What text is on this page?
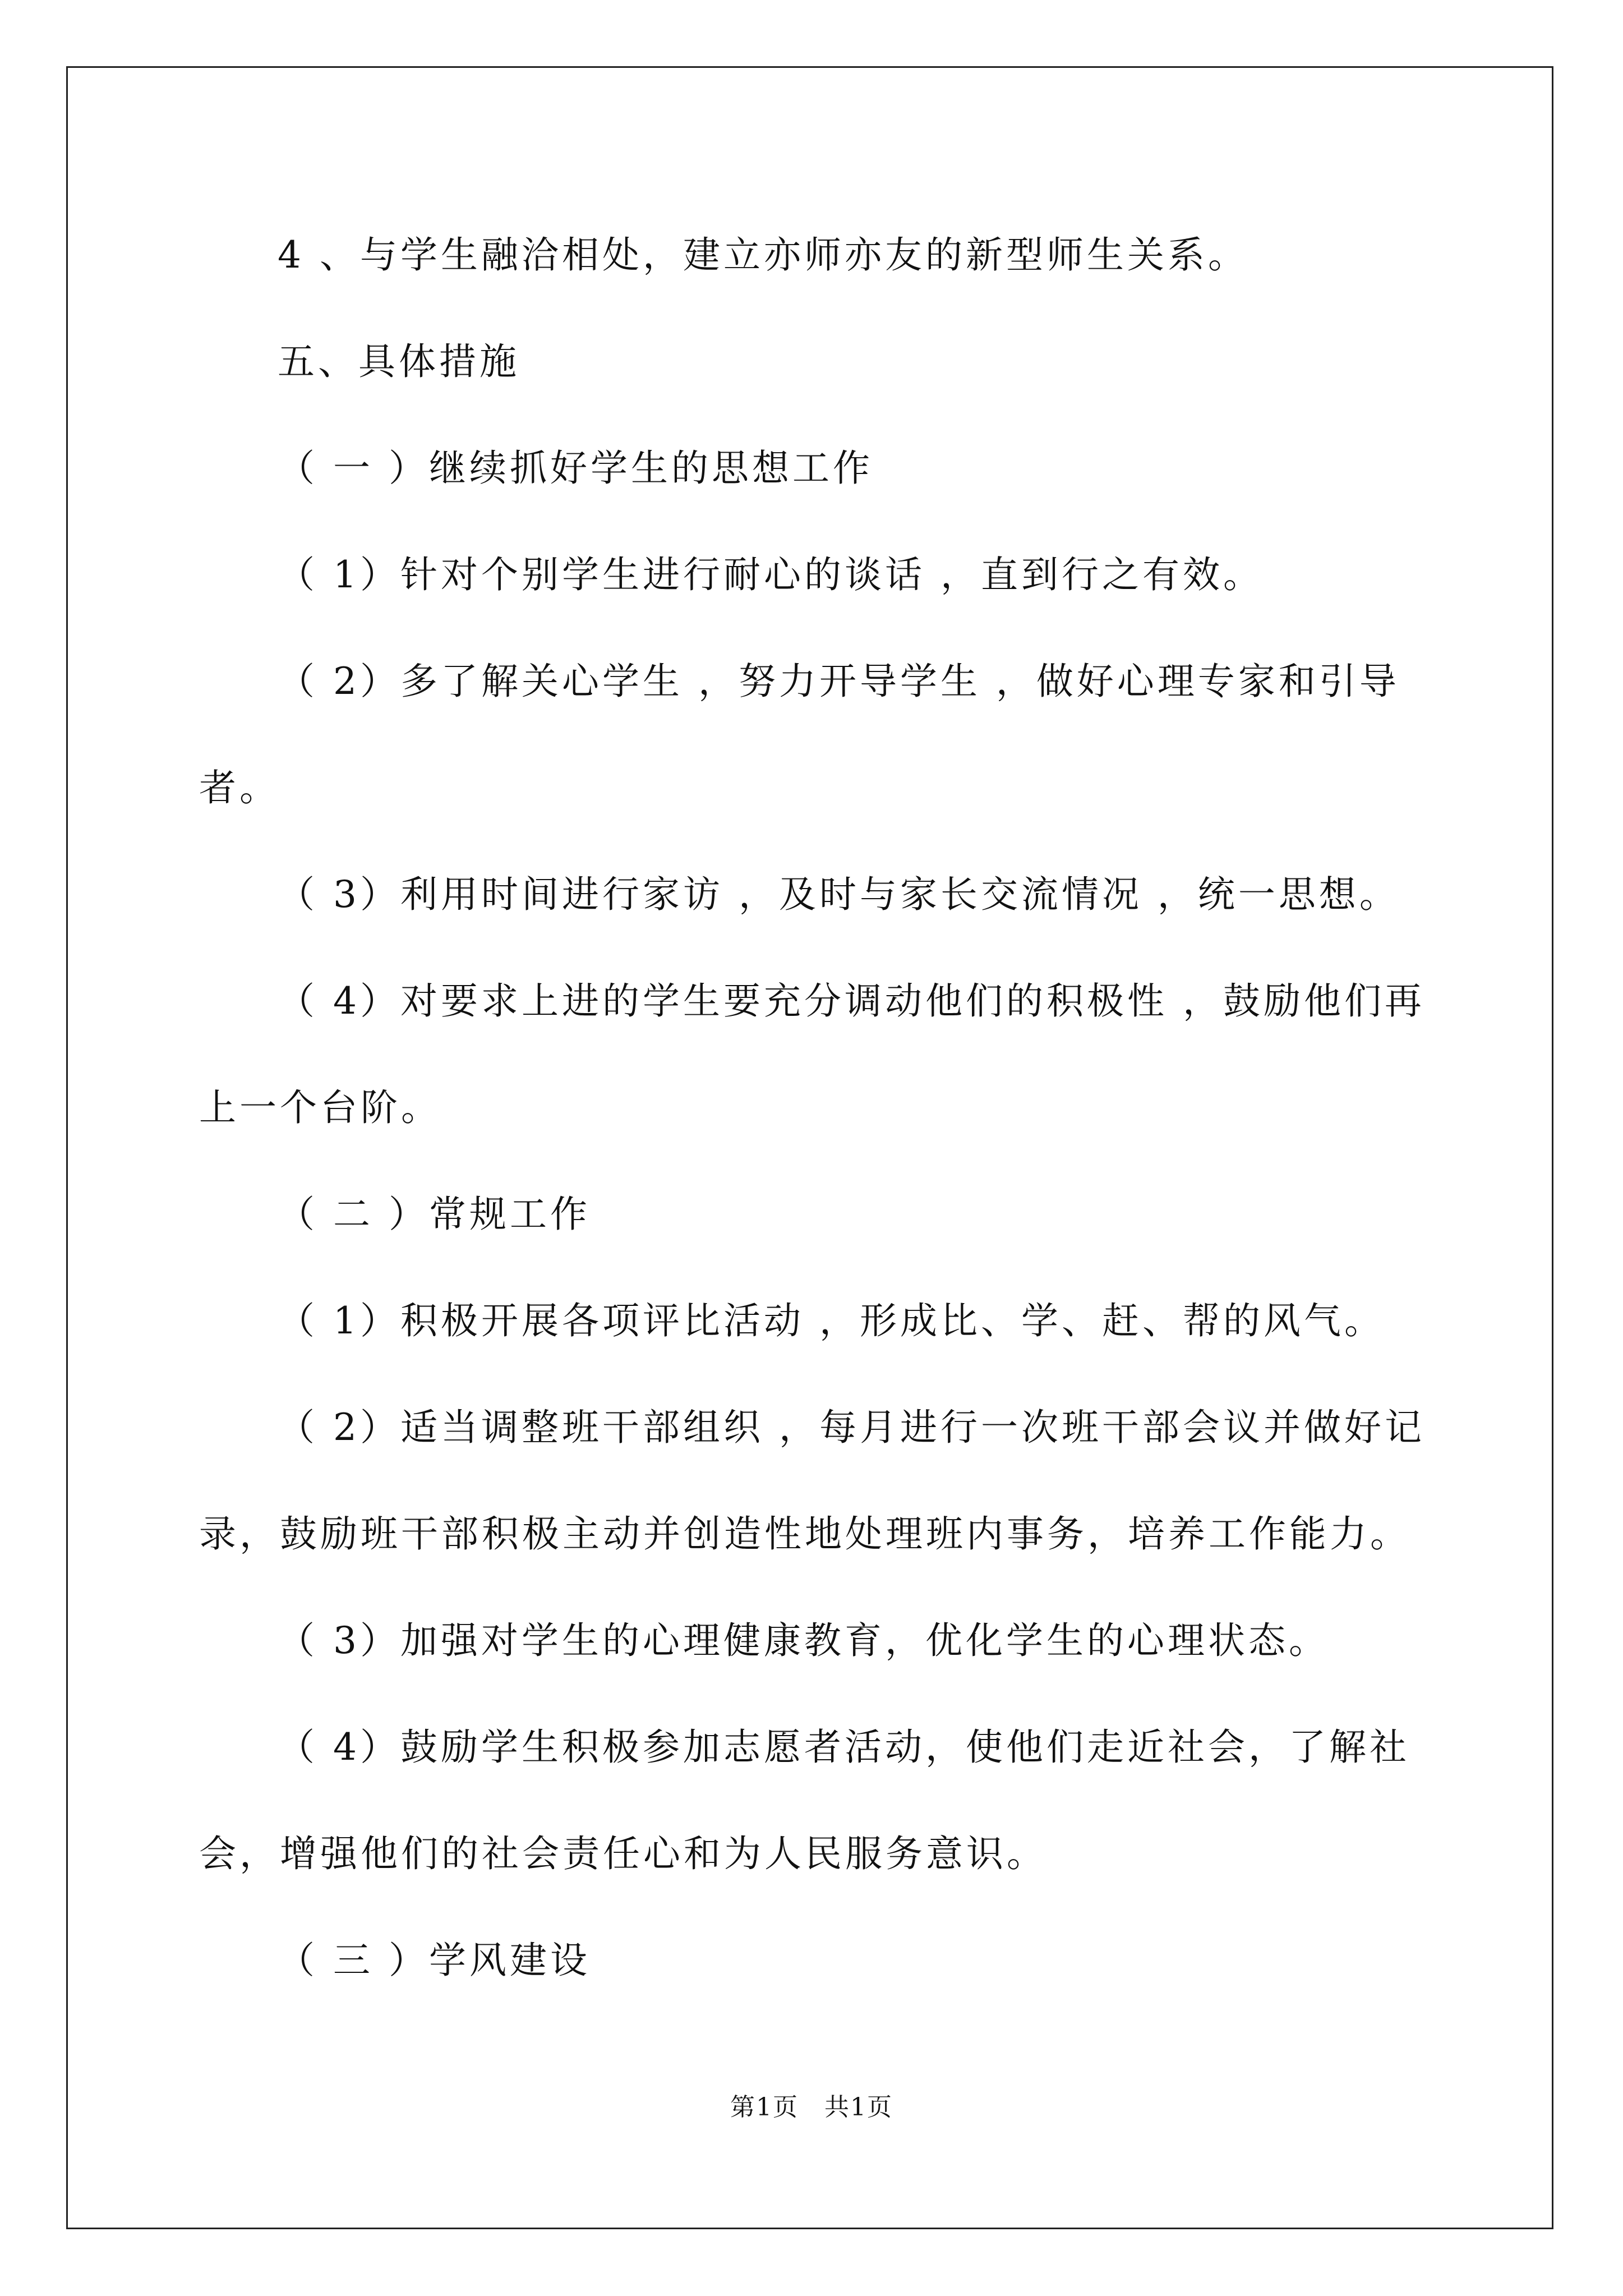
4 、与学生融洽相处，建立亦师亦友的新型师生关系。

五、具体措施

（ 一 ）继续抓好学生的思想工作

（ 1）针对个别学生进行耐心的谈话 ，直到行之有效。

（ 2）多了解关心学生 ，努力开导学生 ，做好心理专家和引导

者。

（ 3）利用时间进行家访 ，及时与家长交流情况 ，统一思想。

（ 4）对要求上进的学生要充分调动他们的积极性 ，鼓励他们再

上一个台阶。

（ 二 ）常规工作

（ 1）积极开展各项评比活动 ，形成比、学、赶、帮的风气。

（ 2）适当调整班干部组织 ，每月进行一次班干部会议并做好记

录，鼓励班干部积极主动并创造性地处理班内事务，培养工作能力。

（ 3）加强对学生的心理健康教育，优化学生的心理状态。

（ 4）鼓励学生积极参加志愿者活动，使他们走近社会，了解社

会，增强他们的社会责任心和为人民服务意识。

（ 三 ）学风建设

第1页　共1页
